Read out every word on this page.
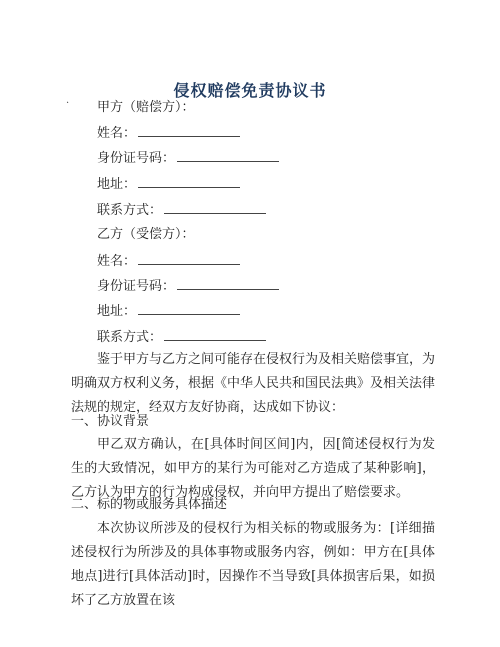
侵权赔偿免责协议书
· 甲方（赔偿方）：
姓名：
身份证号码：
地址：
联系方式：
乙方（受偿方）：
姓名：
身份证号码：
地址：
联系方式：
鉴于甲方与乙方之间可能存在侵权行为及相关赔偿事宜，为明确双方权利义务，根据《中华人民共和国民法典》及相关法律法规的规定，经双方友好协商，达成如下协议：
一、协议背景
甲乙双方确认，在[具体时间区间]内，因[简述侵权行为发生的大致情况，如甲方的某行为可能对乙方造成了某种影响]，乙方认为甲方的行为构成侵权，并向甲方提出了赔偿要求。
二、标的物或服务具体描述
本次协议所涉及的侵权行为相关标的物或服务为：[详细描述侵权行为所涉及的具体事物或服务内容，例如：甲方在[具体地点]进行[具体活动]时，因操作不当导致[具体损害后果，如损坏了乙方放置在该
